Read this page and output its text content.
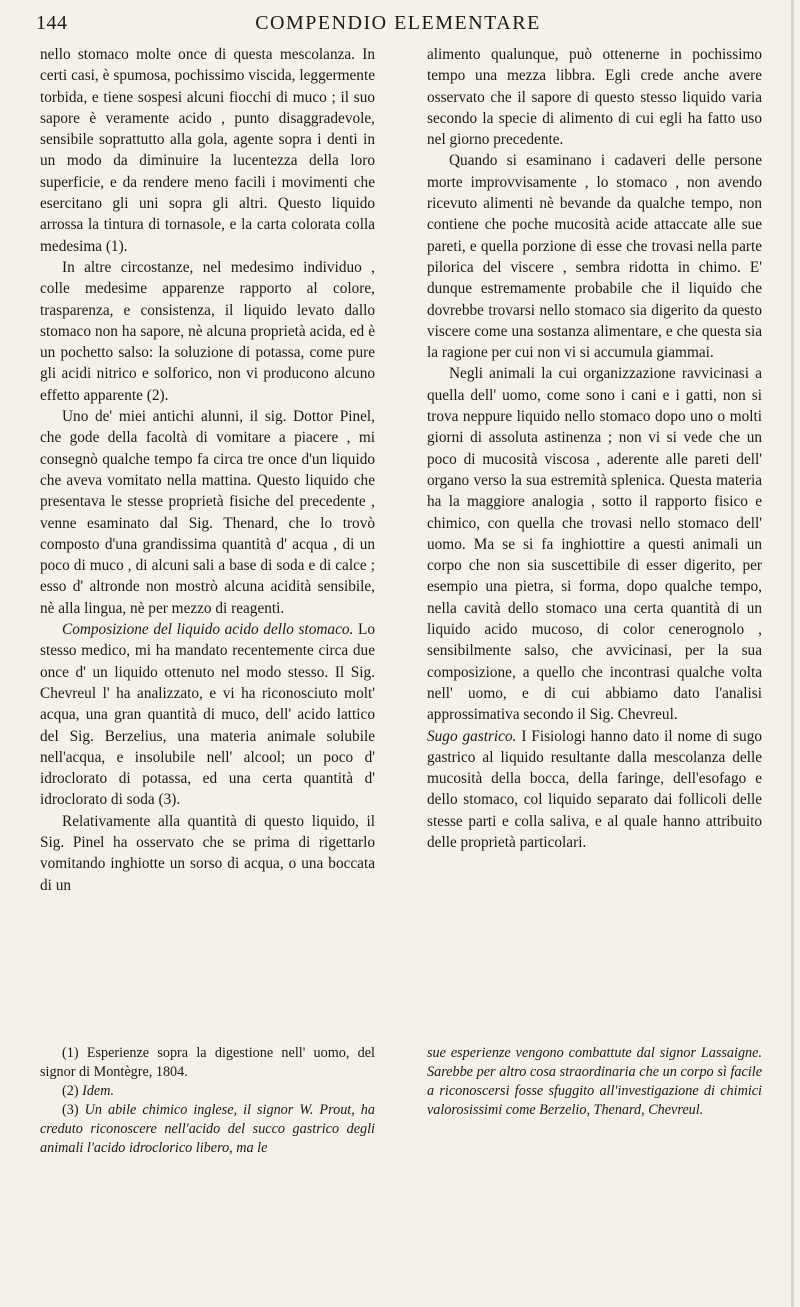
144	COMPENDIO ELEMENTARE

nello stomaco molte once di questa mescolanza. In certi casi, è spumosa, pochissimo viscida, leggermente torbida, e tiene sospesi alcuni fiocchi di muco ; il suo sapore è veramente acido , punto disaggradevole, sensibile soprattutto alla gola, agente sopra i denti in un modo da diminuire la lucentezza della loro superficie, e da rendere meno facili i movimenti che esercitano gli uni sopra gli altri. Questo liquido arrossa la tintura di tornasole, e la carta colorata colla medesima (1).

In altre circostanze, nel medesimo individuo , colle medesime apparenze rapporto al colore, trasparenza, e consistenza, il liquido levato dallo stomaco non ha sapore, nè alcuna proprietà acida, ed è un pochetto salso: la soluzione di potassa, come pure gli acidi nitrico e solforico, non vi producono alcuno effetto apparente (2).

Uno de' miei antichi alunni, il sig. Dottor Pinel, che gode della facoltà di vomitare a piacere , mi consegnò qualche tempo fa circa tre once d'un liquido che aveva vomitato nella mattina. Questo liquido che presentava le stesse proprietà fisiche del precedente , venne esaminato dal Sig. Thenard, che lo trovò composto d'una grandissima quantità d' acqua , di un poco di muco , di alcuni sali a base di soda e di calce ; esso d' altronde non mostrò alcuna acidità sensibile, nè alla lingua, nè per mezzo di reagenti.

Composizione del liquido acido dello stomaco. Lo stesso medico, mi ha mandato recentemente circa due once d' un liquido ottenuto nel modo stesso. Il Sig. Chevreul l' ha analizzato, e vi ha riconosciuto molt' acqua, una gran quantità di muco, dell' acido lattico del Sig. Berzelius, una materia animale solubile nell'acqua, e insolubile nell' alcool; un poco d' idroclorato di potassa, ed una certa quantità d' idroclorato di soda (3).

Relativamente alla quantità di questo liquido, il Sig. Pinel ha osservato che se prima di rigettarlo vomitando inghiotte un sorso di acqua, o una boccata di un

alimento qualunque, può ottenerne in pochissimo tempo una mezza libbra. Egli crede anche avere osservato che il sapore di questo stesso liquido varia secondo la specie di alimento di cui egli ha fatto uso nel giorno precedente.

Quando si esaminano i cadaveri delle persone morte improvvisamente , lo stomaco , non avendo ricevuto alimenti nè bevande da qualche tempo, non contiene che poche mucosità acide attaccate alle sue pareti, e quella porzione di esse che trovasi nella parte pilorica del viscere , sembra ridotta in chimo. E' dunque estremamente probabile che il liquido che dovrebbe trovarsi nello stomaco sia digerito da questo viscere come una sostanza alimentare, e che questa sia la ragione per cui non vi si accumula giammai.

Negli animali la cui organizzazione ravvicinasi a quella dell' uomo, come sono i cani e i gatti, non si trova neppure liquido nello stomaco dopo uno o molti giorni di assoluta astinenza ; non vi si vede che un poco di mucosità viscosa , aderente alle pareti dell' organo verso la sua estremità splenica. Questa materia ha la maggiore analogia , sotto il rapporto fisico e chimico, con quella che trovasi nello stomaco dell' uomo. Ma se si fa inghiottire a questi animali un corpo che non sia suscettibile di esser digerito, per esempio una pietra, si forma, dopo qualche tempo, nella cavità dello stomaco una certa quantità di un liquido acido mucoso, di color cenerognolo , sensibilmente salso, che avvicinasi, per la sua composizione, a quello che incontrasi qualche volta nell' uomo, e di cui abbiamo dato l'analisi approssimativa secondo il Sig. Chevreul.

Sugo gastrico. I Fisiologi hanno dato il nome di sugo gastrico al liquido resultante dalla mescolanza delle mucosità della bocca, della faringe, dell'esofago e dello stomaco, col liquido separato dai follicoli delle stesse parti e colla saliva, e al quale hanno attribuito delle proprietà particolari.

(1) Esperienze sopra la digestione nell' uomo, del signor di Montègre, 1804.

(2) Idem.

(3) Un abile chimico inglese, il signor W. Prout, ha creduto riconoscere nell'acido del succo gastrico degli animali l'acido idroclorico libero, ma le

sue esperienze vengono combattute dal signor Lassaigne. Sarebbe per altro cosa straordinaria che un corpo sì facile a riconoscersi fosse sfuggito all'investigazione di chimici valorosissimi come Berzelio, Thenard, Chevreul.
